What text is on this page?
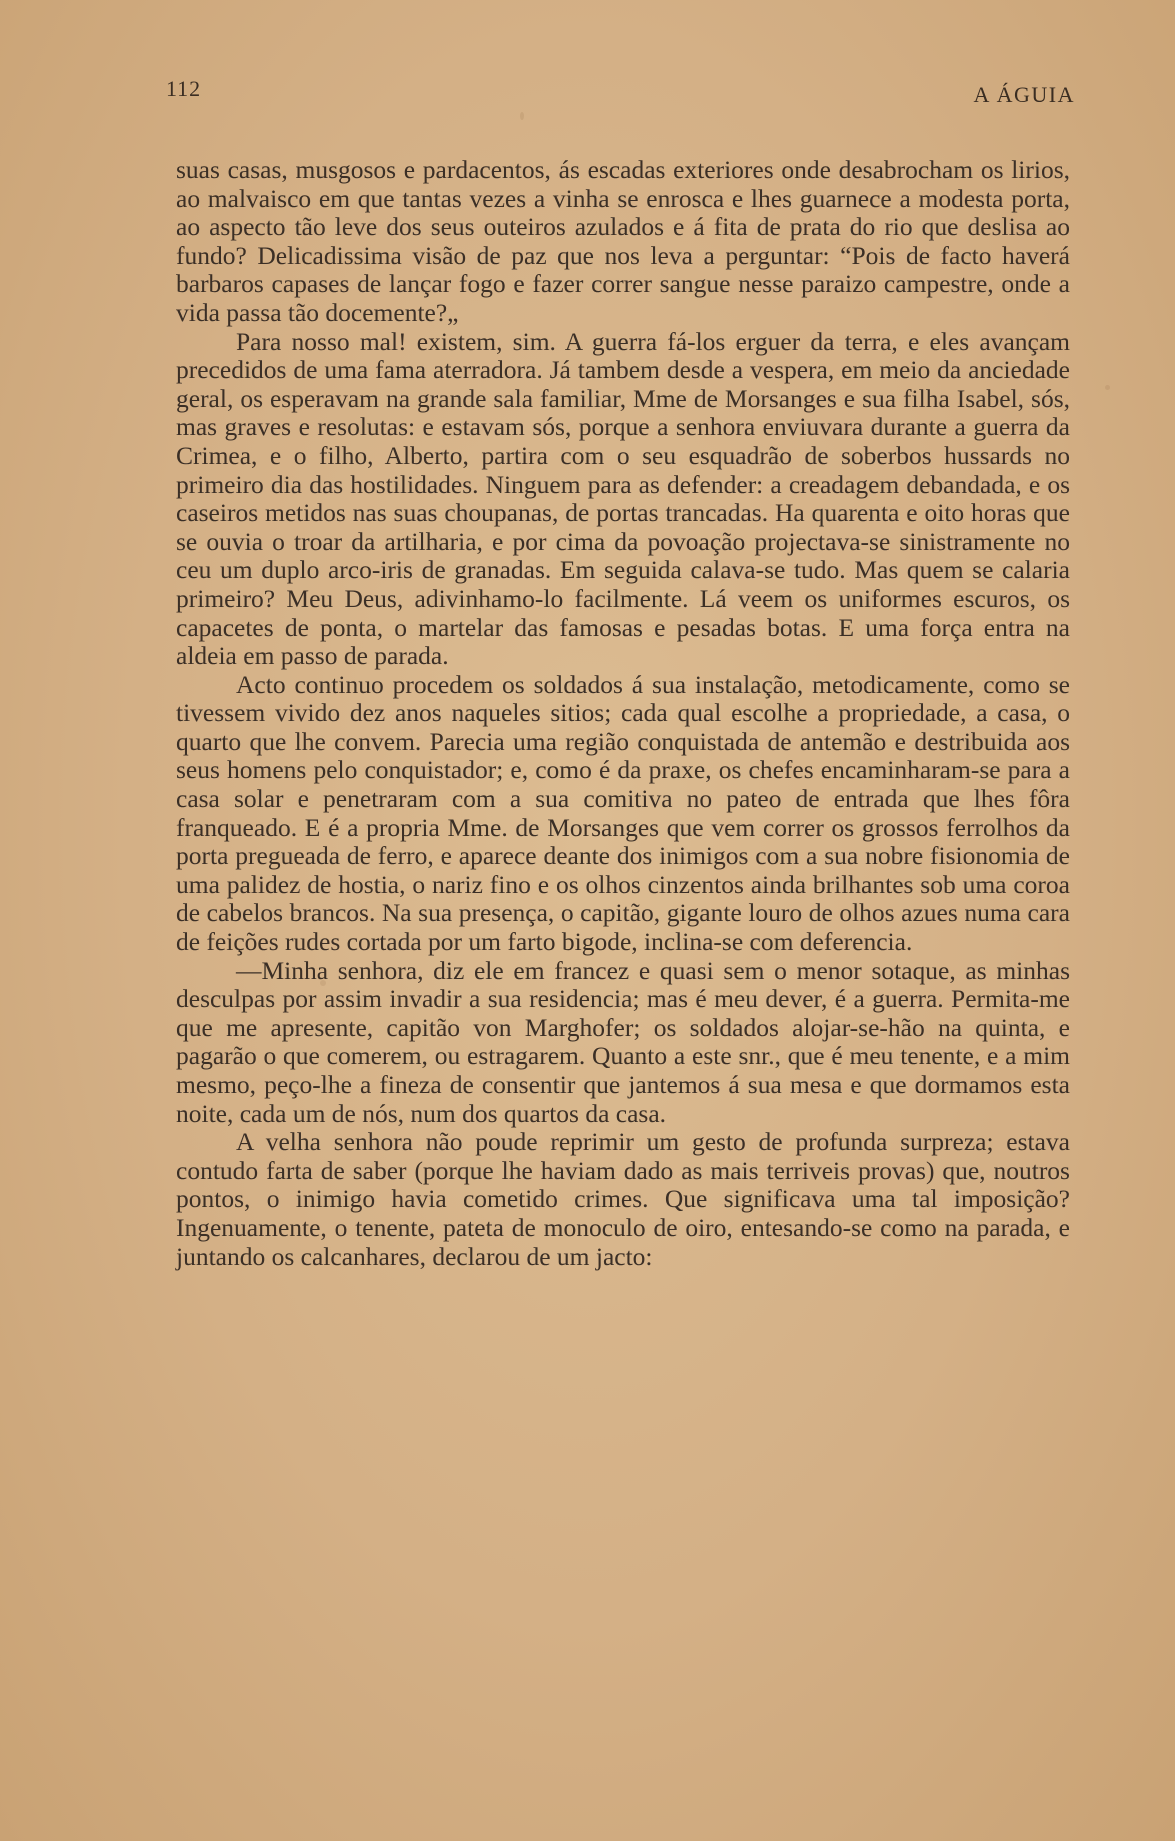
112	A ÁGUIA

suas casas, musgosos e pardacentos, ás escadas exteriores onde desabrocham os lirios, ao malvaisco em que tantas vezes a vinha se enrosca e lhes guarnece a modesta porta, ao aspecto tão leve dos seus outeiros azulados e á fita de prata do rio que deslisa ao fundo? Delicadissima visão de paz que nos leva a perguntar: “Pois de facto haverá barbaros capases de lançar fogo e fazer correr sangue nesse paraizo campestre, onde a vida passa tão docemente?„

Para nosso mal! existem, sim. A guerra fá-los erguer da terra, e eles avançam precedidos de uma fama aterradora. Já tambem desde a vespera, em meio da anciedade geral, os esperavam na grande sala familiar, Mme de Morsanges e sua filha Isabel, sós, mas graves e resolutas: e estavam sós, porque a senhora enviuvara durante a guerra da Crimea, e o filho, Alberto, partira com o seu esquadrão de soberbos hussards no primeiro dia das hostilidades. Ninguem para as defender: a creadagem debandada, e os caseiros metidos nas suas choupanas, de portas trancadas. Ha quarenta e oito horas que se ouvia o troar da artilharia, e por cima da povoação projectava-se sinistramente no ceu um duplo arco-iris de granadas. Em seguida calava-se tudo. Mas quem se calaria primeiro? Meu Deus, adivinhamo-lo facilmente. Lá veem os uniformes escuros, os capacetes de ponta, o martelar das famosas e pesadas botas. E uma força entra na aldeia em passo de parada.

Acto continuo procedem os soldados á sua instalação, metodicamente, como se tivessem vivido dez anos naqueles sitios; cada qual escolhe a propriedade, a casa, o quarto que lhe convem. Parecia uma região conquistada de antemão e destribuida aos seus homens pelo conquistador; e, como é da praxe, os chefes encaminharam-se para a casa solar e penetraram com a sua comitiva no pateo de entrada que lhes fôra franqueado. E é a propria Mme. de Morsanges que vem correr os grossos ferrolhos da porta pregueada de ferro, e aparece deante dos inimigos com a sua nobre fisionomia de uma palidez de hostia, o nariz fino e os olhos cinzentos ainda brilhantes sob uma coroa de cabelos brancos. Na sua presença, o capitão, gigante louro de olhos azues numa cara de feições rudes cortada por um farto bigode, inclina-se com deferencia.

—Minha senhora, diz ele em francez e quasi sem o menor sotaque, as minhas desculpas por assim invadir a sua residencia; mas é meu dever, é a guerra. Permita-me que me apresente, capitão von Marghofer; os soldados alojar-se-hão na quinta, e pagarão o que comerem, ou estragarem. Quanto a este snr., que é meu tenente, e a mim mesmo, peço-lhe a fineza de consentir que jantemos á sua mesa e que dormamos esta noite, cada um de nós, num dos quartos da casa.

A velha senhora não poude reprimir um gesto de profunda surpreza; estava contudo farta de saber (porque lhe haviam dado as mais terriveis provas) que, noutros pontos, o inimigo havia cometido crimes. Que significava uma tal imposição? Ingenuamente, o tenente, pateta de monoculo de oiro, entesando-se como na parada, e juntando os calcanhares, declarou de um jacto:
